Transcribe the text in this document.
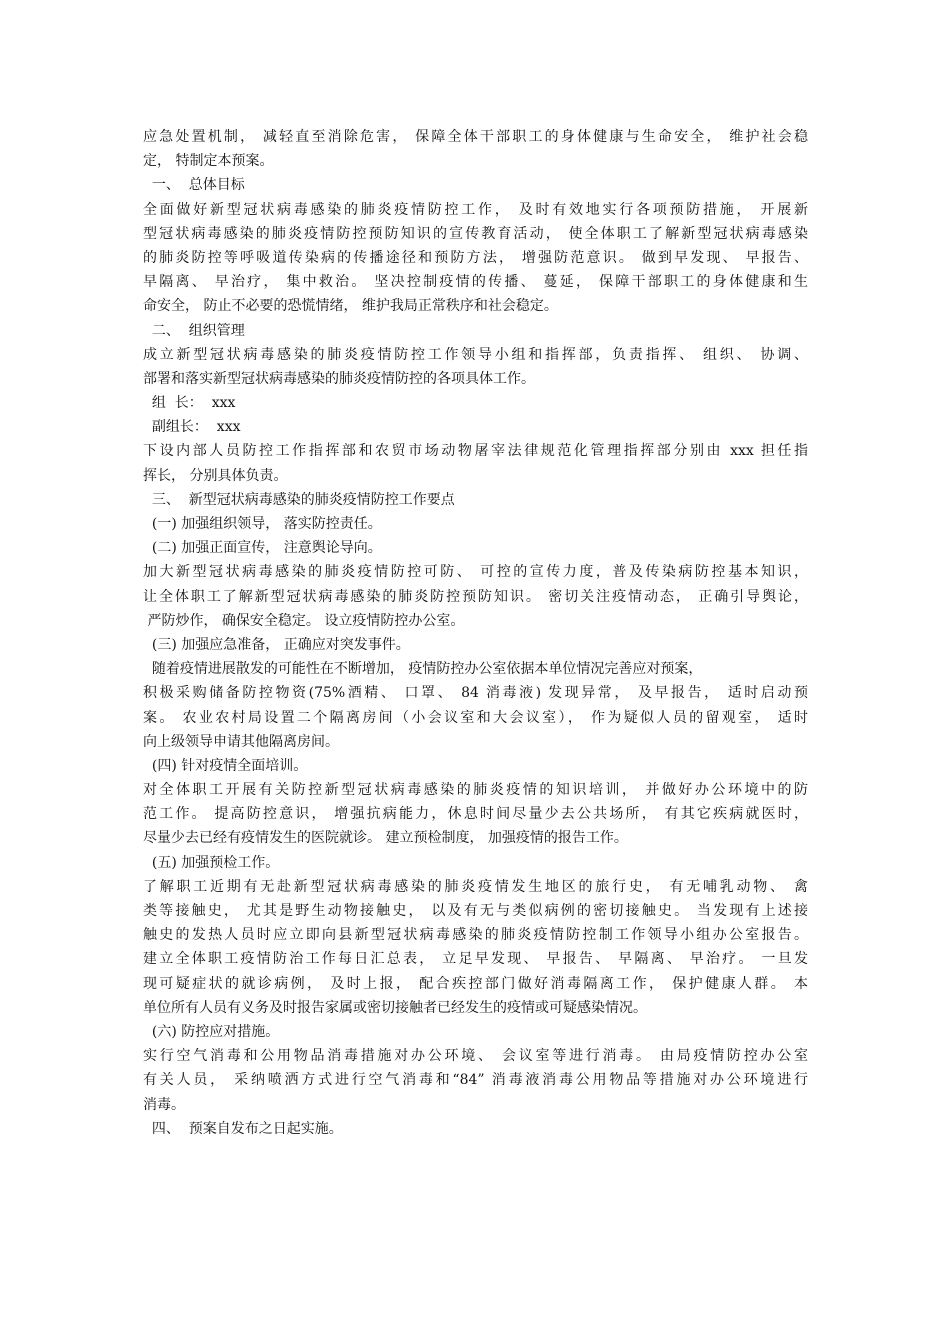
应急处置机制， 减轻直至消除危害， 保障全体干部职工的身体健康与生命安全， 维护社会稳
定， 特制定本预案。
一、  总体目标
全面做好新型冠状病毒感染的肺炎疫情防控工作， 及时有效地实行各项预防措施， 开展新
型冠状病毒感染的肺炎疫情防控预防知识的宣传教育活动， 使全体职工了解新型冠状病毒感染
的肺炎防控等呼吸道传染病的传播途径和预防方法， 增强防范意识。 做到早发现、 早报告、
早隔离、 早治疗， 集中救治。 坚决控制疫情的传播、 蔓延， 保障干部职工的身体健康和生
命安全， 防止不必要的恐慌情绪， 维护我局正常秩序和社会稳定。
二、  组织管理
成立新型冠状病毒感染的肺炎疫情防控工作领导小组和指挥部，负责指挥、 组织、 协调、
部署和落实新型冠状病毒感染的肺炎疫情防控的各项具体工作。
组  长：  xxx
副组长：  xxx
下设内部人员防控工作指挥部和农贸市场动物屠宰法律规范化管理指挥部分别由 xxx 担任指
挥长， 分别具体负责。
三、  新型冠状病毒感染的肺炎疫情防控工作要点
(一) 加强组织领导， 落实防控责任。
(二) 加强正面宣传， 注意舆论导向。
加大新型冠状病毒感染的肺炎疫情防控可防、 可控的宣传力度，普及传染病防控基本知识，
让全体职工了解新型冠状病毒感染的肺炎防控预防知识。 密切关注疫情动态， 正确引导舆论，
严防炒作， 确保安全稳定。 设立疫情防控办公室。
(三) 加强应急准备， 正确应对突发事件。
随着疫情进展散发的可能性在不断增加， 疫情防控办公室依据本单位情况完善应对预案，
积极采购储备防控物资(75%酒精、 口罩、 84 消毒液) 发现异常， 及早报告， 适时启动预
案。 农业农村局设置二个隔离房间（小会议室和大会议室）， 作为疑似人员的留观室， 适时
向上级领导申请其他隔离房间。
(四) 针对疫情全面培训。
对全体职工开展有关防控新型冠状病毒感染的肺炎疫情的知识培训， 并做好办公环境中的防
范工作。 提高防控意识， 增强抗病能力，休息时间尽量少去公共场所， 有其它疾病就医时，
尽量少去已经有疫情发生的医院就诊。 建立预检制度， 加强疫情的报告工作。
(五) 加强预检工作。
了解职工近期有无赴新型冠状病毒感染的肺炎疫情发生地区的旅行史， 有无哺乳动物、 禽
类等接触史， 尤其是野生动物接触史， 以及有无与类似病例的密切接触史。 当发现有上述接
触史的发热人员时应立即向县新型冠状病毒感染的肺炎疫情防控制工作领导小组办公室报告。
建立全体职工疫情防治工作每日汇总表， 立足早发现、 早报告、 早隔离、 早治疗。 一旦发
现可疑症状的就诊病例， 及时上报， 配合疾控部门做好消毒隔离工作， 保护健康人群。 本
单位所有人员有义务及时报告家属或密切接触者已经发生的疫情或可疑感染情况。
(六) 防控应对措施。
实行空气消毒和公用物品消毒措施对办公环境、 会议室等进行消毒。 由局疫情防控办公室
有关人员， 采纳喷洒方式进行空气消毒和“84” 消毒液消毒公用物品等措施对办公环境进行
消毒。
四、  预案自发布之日起实施。
